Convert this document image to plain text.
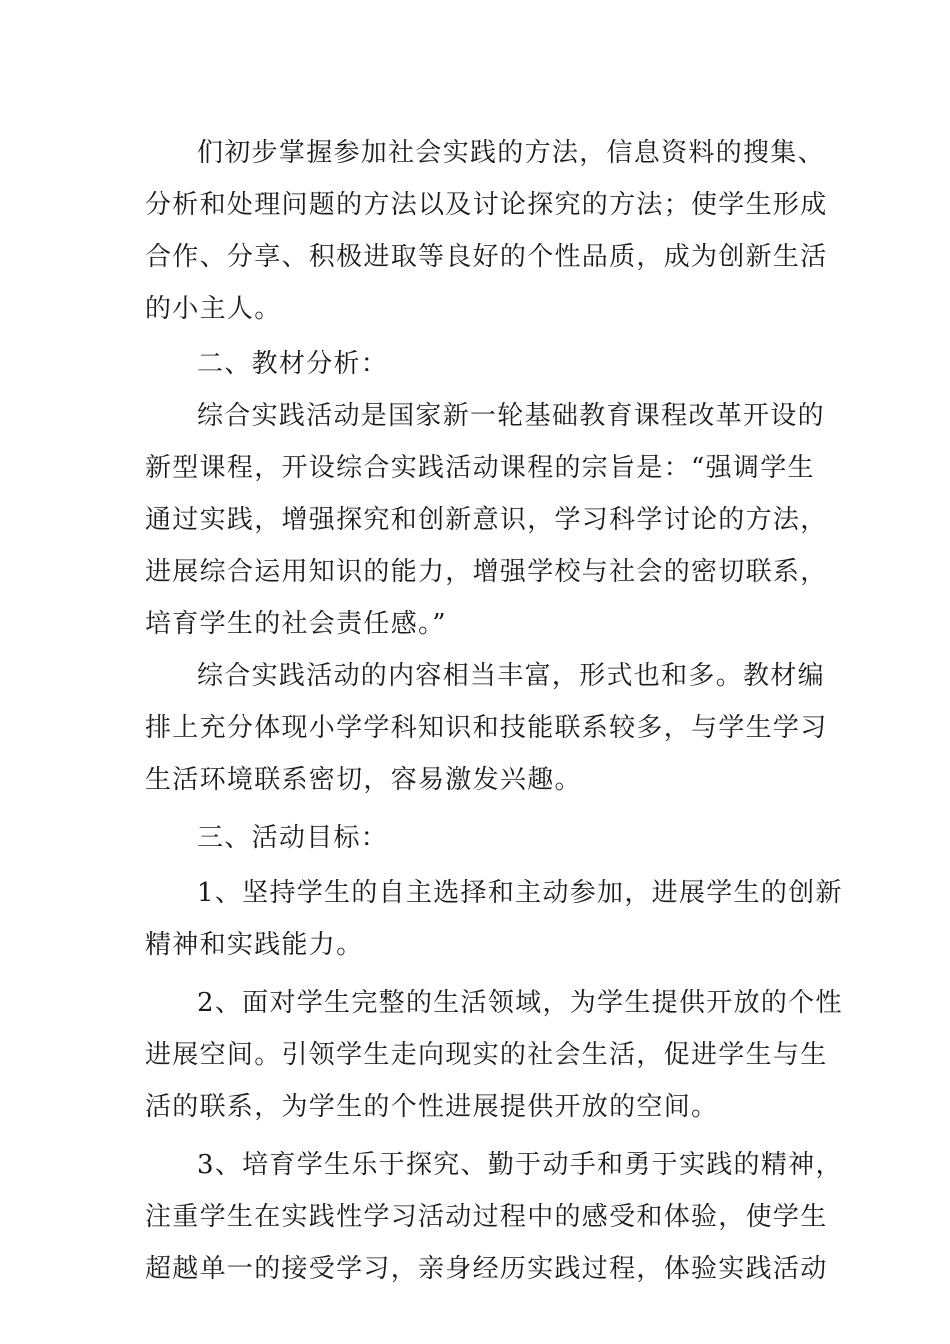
们初步掌握参加社会实践的方法，信息资料的搜集、
分析和处理问题的方法以及讨论探究的方法；使学生形成
合作、分享、积极进取等良好的个性品质，成为创新生活
的小主人。
二、教材分析：
综合实践活动是国家新一轮基础教育课程改革开设的
新型课程，开设综合实践活动课程的宗旨是：“强调学生
通过实践，增强探究和创新意识，学习科学讨论的方法，
进展综合运用知识的能力，增强学校与社会的密切联系，
培育学生的社会责任感。”
综合实践活动的内容相当丰富，形式也和多。教材编
排上充分体现小学学科知识和技能联系较多，与学生学习
生活环境联系密切，容易激发兴趣。
三、活动目标：
1、坚持学生的自主选择和主动参加，进展学生的创新
精神和实践能力。
2、面对学生完整的生活领域，为学生提供开放的个性
进展空间。引领学生走向现实的社会生活，促进学生与生
活的联系，为学生的个性进展提供开放的空间。
3、培育学生乐于探究、勤于动手和勇于实践的精神，
注重学生在实践性学习活动过程中的感受和体验，使学生
超越单一的接受学习，亲身经历实践过程，体验实践活动
